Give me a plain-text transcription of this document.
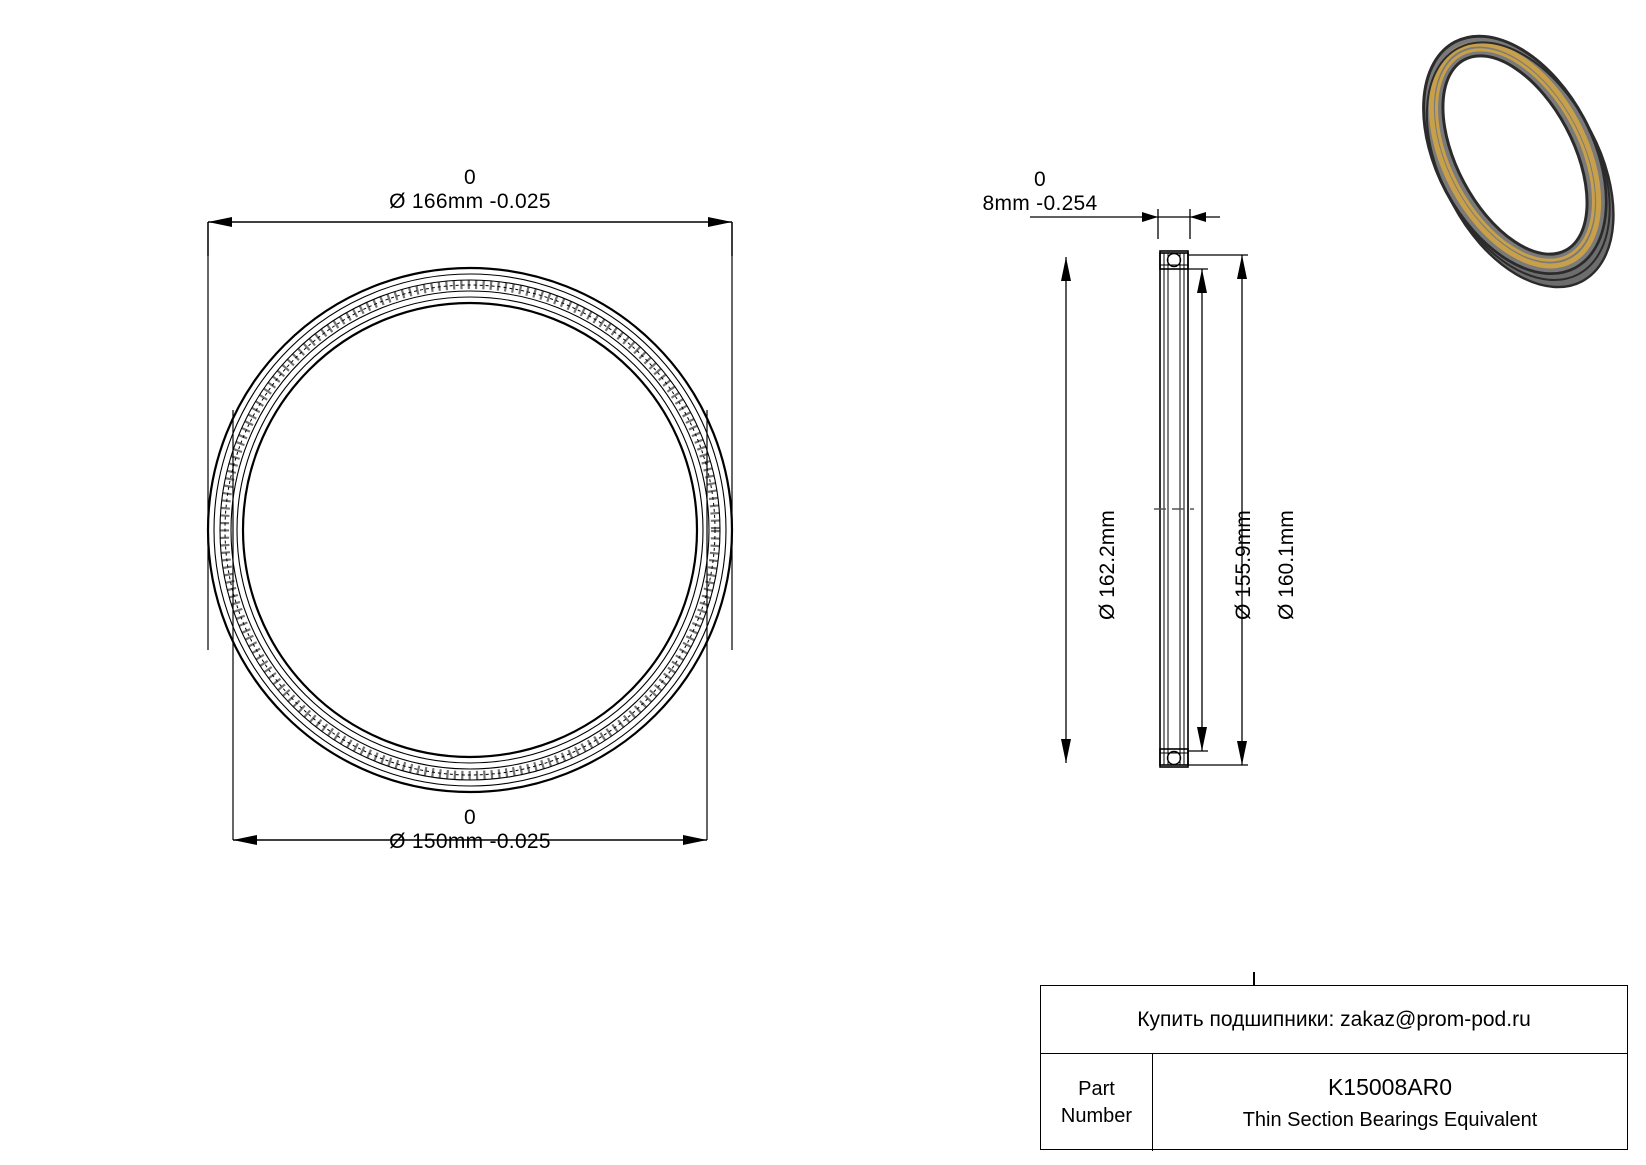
0
Ø 166mm -0.025
0
Ø 150mm -0.025
0
8mm -0.254
Ø 162.2mm	Ø 155.9mm Ø 160.1mm
Купить подшипники: zakaz@prom-pod.ru
Part
Number
K15008AR0
Thin Section Bearings Equivalent
